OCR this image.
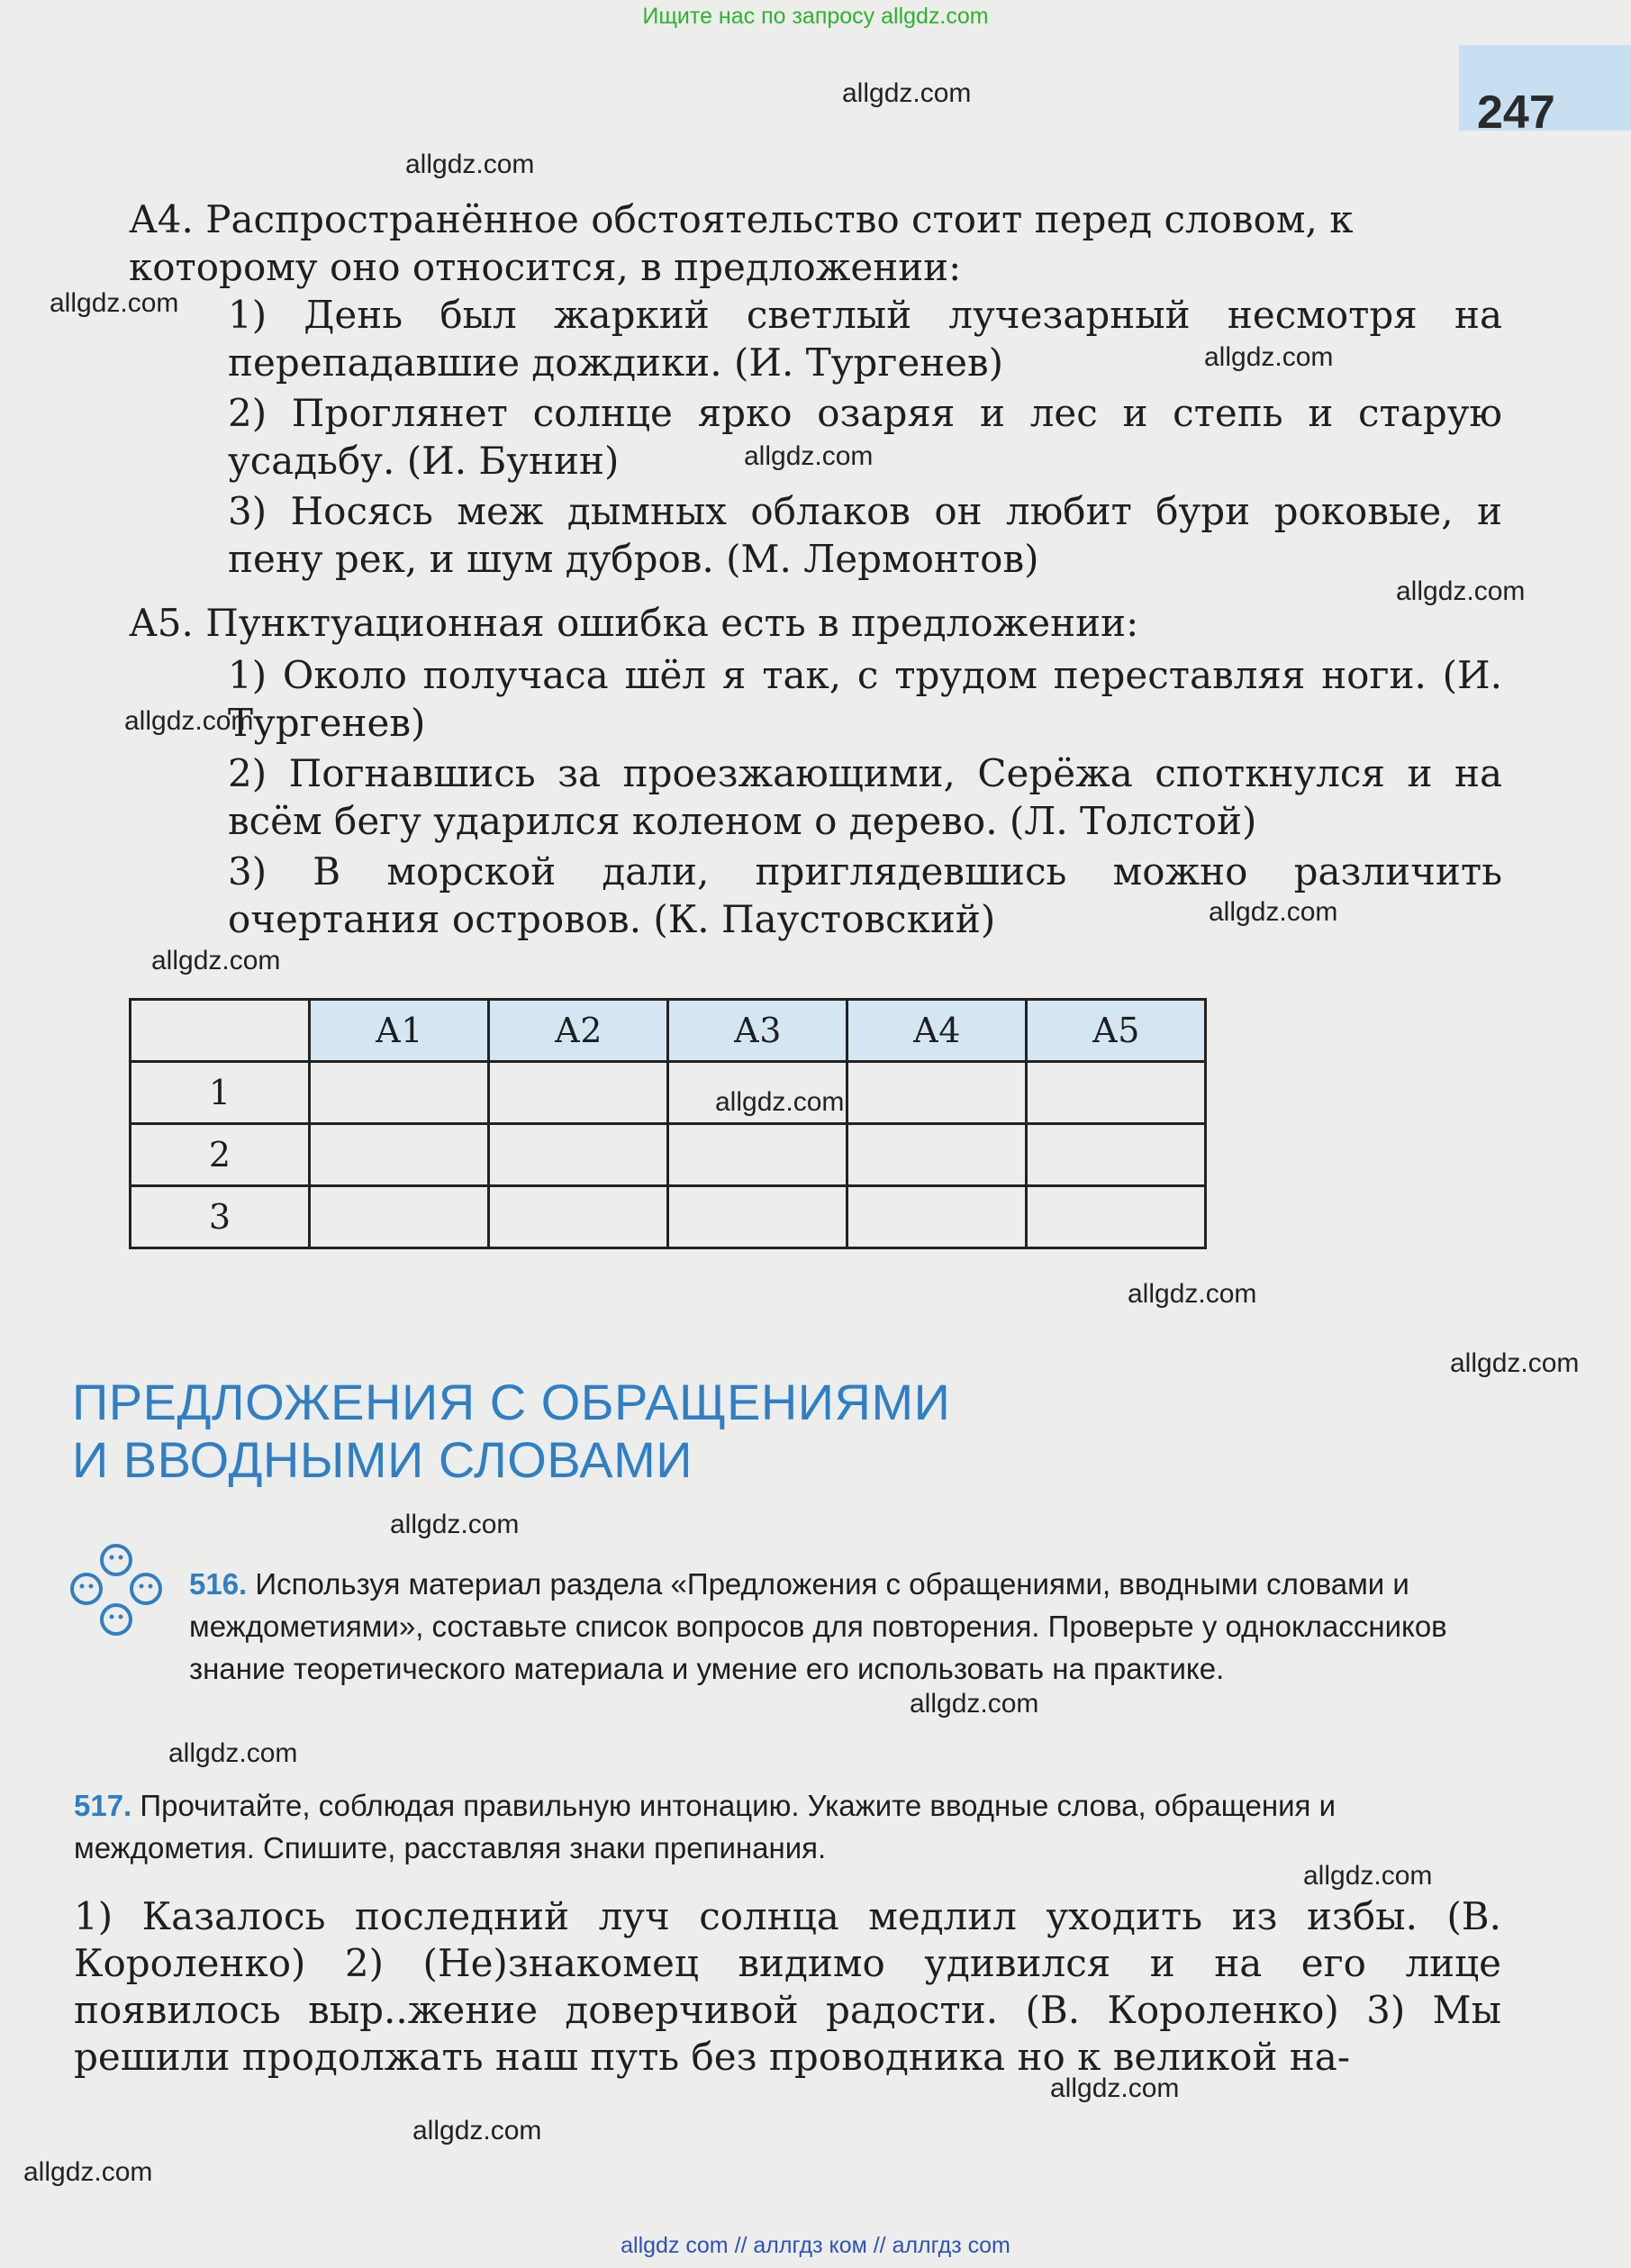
Ищите нас по запросу allgdz.com
247
А4. Распространённое обстоятельство стоит перед словом, к которому оно относится, в предложении:
1) День был жаркий светлый лучезарный несмотря на перепадавшие дождики. (И. Тургенев)
2) Проглянет солнце ярко озаряя и лес и степь и старую усадьбу. (И. Бунин)
3) Носясь меж дымных облаков он любит бури роковые, и пену рек, и шум дубров. (М. Лермонтов)
А5. Пунктуационная ошибка есть в предложении:
1) Около получаса шёл я так, с трудом переставляя ноги. (И. Тургенев)
2) Погнавшись за проезжающими, Серёжа споткнулся и на всём бегу ударился коленом о дерево. (Л. Толстой)
3) В морской дали, приглядевшись можно различить очертания островов. (К. Паустовский)
	А1	А2	А3	А4	А5
1					
2					
3					
ПРЕДЛОЖЕНИЯ С ОБРАЩЕНИЯМИ
И ВВОДНЫМИ СЛОВАМИ
516. Используя материал раздела «Предложения с обращениями, вводными словами и междометиями», составьте список вопросов для повторения. Проверьте у одноклассников знание теоретического материала и умение его использовать на практике.
517. Прочитайте, соблюдая правильную интонацию. Укажите вводные слова, обращения и междометия. Спишите, расставляя знаки препинания.
1) Казалось последний луч солнца медлил уходить из избы. (В. Короленко) 2) (Не)знакомец видимо удивился и на его лице появилось выр..жение доверчивой радости. (В. Короленко) 3) Мы решили продолжать наш путь без проводника но к великой на-
allgdz.com
allgdz.com
allgdz.com
allgdz.com
allgdz.com
allgdz.com
allgdz.com
allgdz.com
allgdz.com
allgdz.com
allgdz.com
allgdz.com
allgdz.com
allgdz.com
allgdz.com
allgdz.com
allgdz.com
allgdz.com
allgdz.com
allgdz com // аллгдз ком // аллгдз com
